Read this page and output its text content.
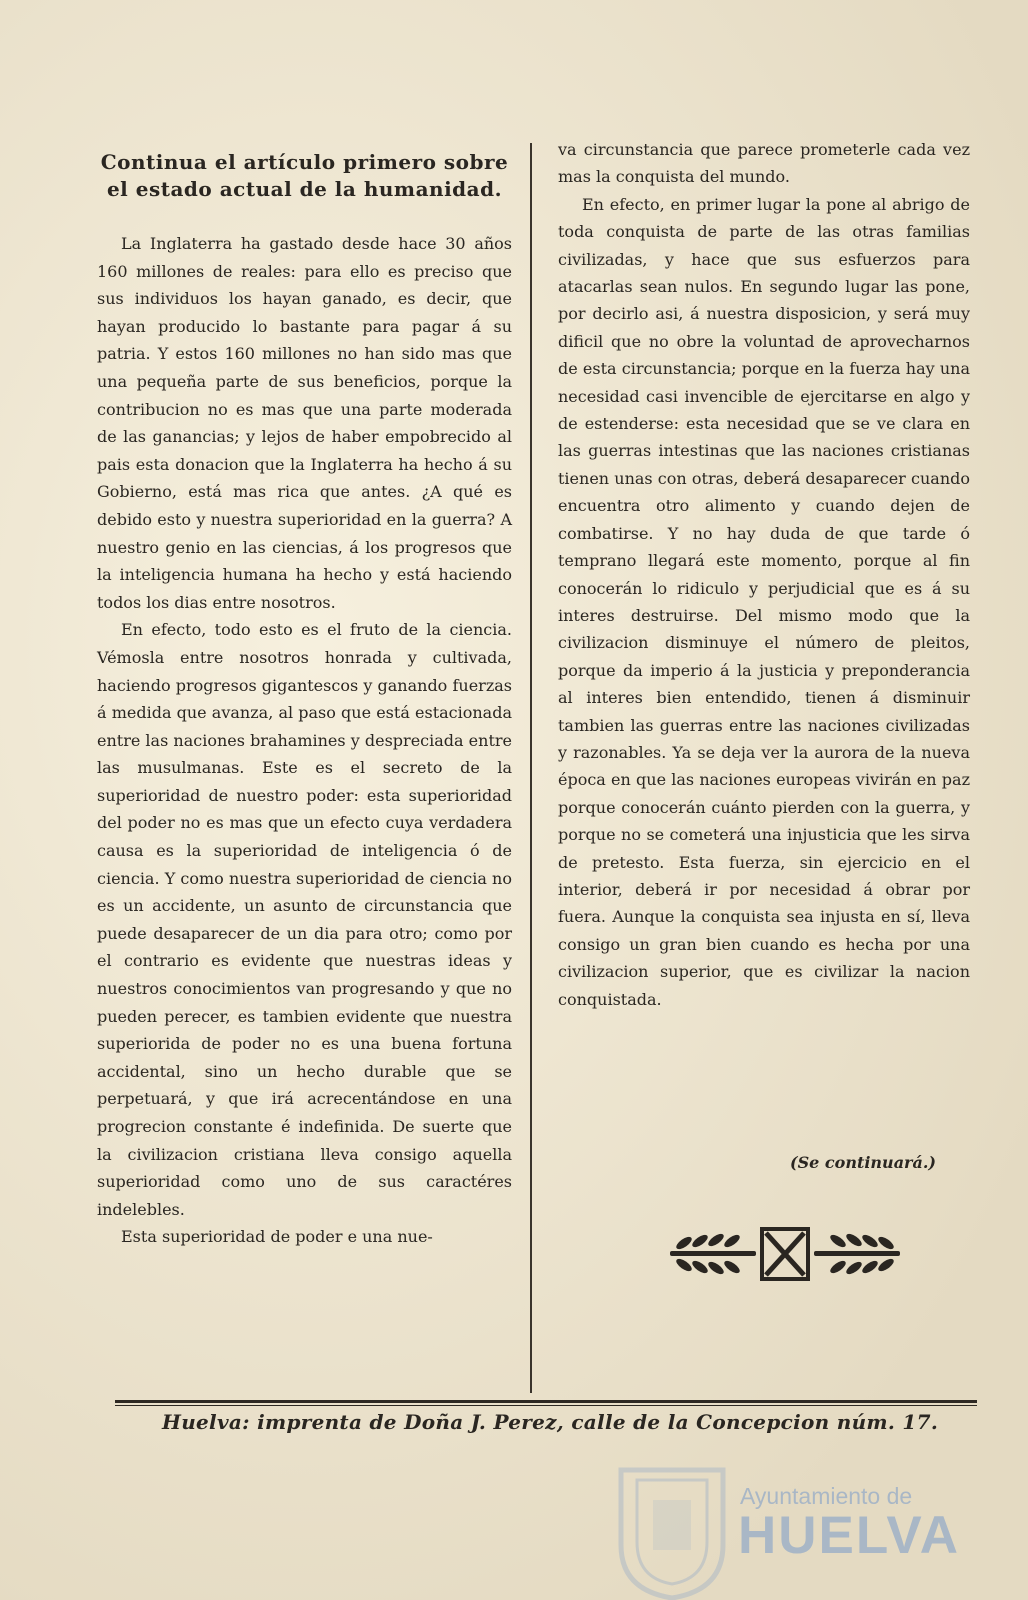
Continua el artículo primero sobre el estado actual de la humanidad.

La Inglaterra ha gastado desde hace 30 años 160 millones de reales: para ello es preciso que sus individuos los hayan ganado, es decir, que hayan producido lo bastante para pagar á su patria. Y estos 160 millones no han sido mas que una pequeña parte de sus beneficios, porque la contribucion no es mas que una parte moderada de las ganancias; y lejos de haber empobrecido al pais esta donacion que la Inglaterra ha hecho á su Gobierno, está mas rica que antes. ¿A qué es debido esto y nuestra superioridad en la guerra? A nuestro genio en las ciencias, á los progresos que la inteligencia humana ha hecho y está haciendo todos los dias entre nosotros.

En efecto, todo esto es el fruto de la ciencia. Vémosla entre nosotros honrada y cultivada, haciendo progresos gigantescos y ganando fuerzas á medida que avanza, al paso que está estacionada entre las naciones brahamines y despreciada entre las musulmanas. Este es el secreto de la superioridad de nuestro poder: esta superioridad del poder no es mas que un efecto cuya verdadera causa es la superioridad de inteligencia ó de ciencia. Y como nuestra superioridad de ciencia no es un accidente, un asunto de circunstancia que puede desaparecer de un dia para otro; como por el contrario es evidente que nuestras ideas y nuestros conocimientos van progresando y que no pueden perecer, es tambien evidente que nuestra superiorida de poder no es una buena fortuna accidental, sino un hecho durable que se perpetuará, y que irá acrecentándose en una progrecion constante é indefinida. De suerte que la civilizacion cristiana lleva consigo aquella superioridad como uno de sus caractéres indelebles.

Esta superioridad de poder e una nue-

va circunstancia que parece prometerle cada vez mas la conquista del mundo.

En efecto, en primer lugar la pone al abrigo de toda conquista de parte de las otras familias civilizadas, y hace que sus esfuerzos para atacarlas sean nulos. En segundo lugar las pone, por decirlo asi, á nuestra disposicion, y será muy dificil que no obre la voluntad de aprovecharnos de esta circunstancia; porque en la fuerza hay una necesidad casi invencible de ejercitarse en algo y de estenderse: esta necesidad que se ve clara en las guerras intestinas que las naciones cristianas tienen unas con otras, deberá desaparecer cuando encuentra otro alimento y cuando dejen de combatirse. Y no hay duda de que tarde ó temprano llegará este momento, porque al fin conocerán lo ridiculo y perjudicial que es á su interes destruirse. Del mismo modo que la civilizacion disminuye el número de pleitos, porque da imperio á la justicia y preponderancia al interes bien entendido, tienen á disminuir tambien las guerras entre las naciones civilizadas y razonables. Ya se deja ver la aurora de la nueva época en que las naciones europeas vivirán en paz porque conocerán cuánto pierden con la guerra, y porque no se cometerá una injusticia que les sirva de pretesto. Esta fuerza, sin ejercicio en el interior, deberá ir por necesidad á obrar por fuera. Aunque la conquista sea injusta en sí, lleva consigo un gran bien cuando es hecha por una civilizacion superior, que es civilizar la nacion conquistada.

(Se continuará.)
Huelva: imprenta de Doña J. Perez, calle de la Concepcion núm. 17.
Ayuntamiento de
HUELVA
